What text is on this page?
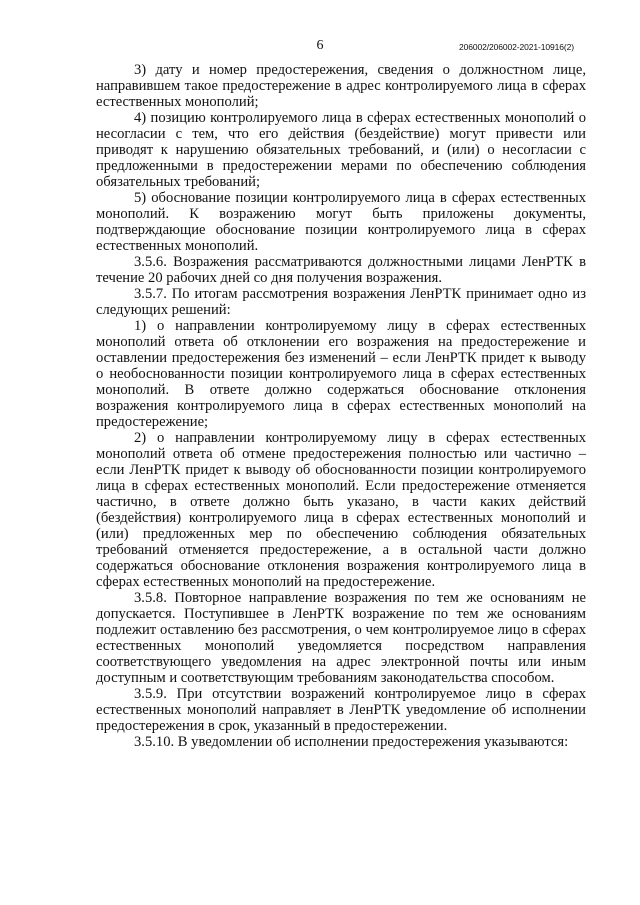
6	206002/206002-2021-10916(2)

3) дату и номер предостережения, сведения о должностном лице, направившем такое предостережение в адрес контролируемого лица в сферах естественных монополий;

4) позицию контролируемого лица в сферах естественных монополий о несогласии с тем, что его действия (бездействие) могут привести или приводят к нарушению обязательных требований, и (или) о несогласии с предложенными в предостережении мерами по обеспечению соблюдения обязательных требований;

5) обоснование позиции контролируемого лица в сферах естественных монополий. К возражению могут быть приложены документы, подтверждающие обоснование позиции контролируемого лица в сферах естественных монополий.

3.5.6. Возражения рассматриваются должностными лицами ЛенРТК в течение 20 рабочих дней со дня получения возражения.

3.5.7. По итогам рассмотрения возражения ЛенРТК принимает одно из следующих решений:

1) о направлении контролируемому лицу в сферах естественных монополий ответа об отклонении его возражения на предостережение и оставлении предостережения без изменений – если ЛенРТК придет к выводу о необоснованности позиции контролируемого лица в сферах естественных монополий. В ответе должно содержаться обоснование отклонения возражения контролируемого лица в сферах естественных монополий на предостережение;

2) о направлении контролируемому лицу в сферах естественных монополий ответа об отмене предостережения полностью или частично – если ЛенРТК придет к выводу об обоснованности позиции контролируемого лица в сферах естественных монополий. Если предостережение отменяется частично, в ответе должно быть указано, в части каких действий (бездействия) контролируемого лица в сферах естественных монополий и (или) предложенных мер по обеспечению соблюдения обязательных требований отменяется предостережение, а в остальной части должно содержаться обоснование отклонения возражения контролируемого лица в сферах естественных монополий на предостережение.

3.5.8. Повторное направление возражения по тем же основаниям не допускается. Поступившее в ЛенРТК возражение по тем же основаниям подлежит оставлению без рассмотрения, о чем контролируемое лицо в сферах естественных монополий уведомляется посредством направления соответствующего уведомления на адрес электронной почты или иным доступным и соответствующим требованиям законодательства способом.

3.5.9. При отсутствии возражений контролируемое лицо в сферах естественных монополий направляет в ЛенРТК уведомление об исполнении предостережения в срок, указанный в предостережении.

3.5.10. В уведомлении об исполнении предостережения указываются:
